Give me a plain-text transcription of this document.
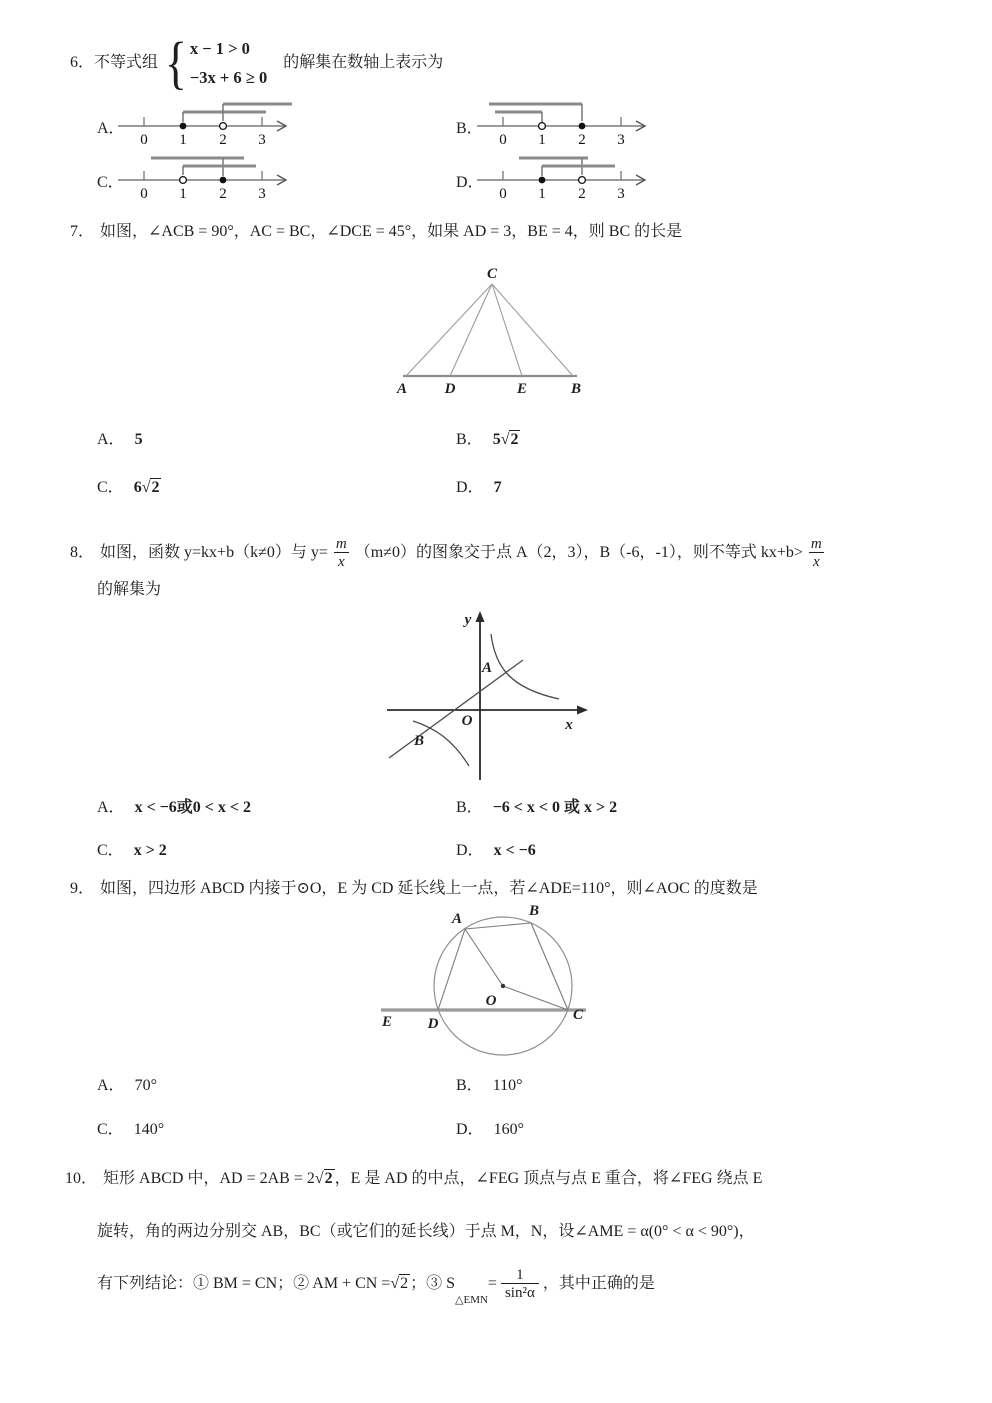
6． 不等式组 { x − 1 > 0
−3x + 6 ≥ 0
的解集在数轴上表示为
A．
0 1 2 3
B．
0 1 2 3
C．
0 1 2 3
D．
0 1 2 3
7． 如图，∠ACB = 90°，AC = BC，∠DCE = 45°，如果 AD = 3，BE = 4，则 BC 的长是
C
A	D	E	B
A． 5	B． 5√2
C． 6√2	D． 7
8． 如图，函数 y=kx+b（k≠0）与 $y= \frac{m}{x} (m\ne 0)$的图象交于点 A（2，3），B（-6，-1），则不等式 $kx+b> \frac{m}{x}$
的解集为
y
x
O
A
B
A． x < −6或0 < x < 2	B． −6 < x < 0 或 x > 2
C． x > 2	D． x < −6
9． 如图，四边形 ABCD 内接于⊙O，E 为 CD 延长线上一点，若∠ADE=110°，则∠AOC 的度数是
A	B
C
D
E
O
A． 70°	B． 110°
C． 140°	D． 160°
10． 矩形 ABCD 中，AD = 2AB = 2 √2 ，E 是 AD 的中点，∠FEG 顶点与点 E 重合，将∠FEG 绕点 E
旋转，角的两边分别交 AB，BC（或它们的延长线）于点 M，N，设∠AME = α(0° < α < 90°)，
有下列结论：① BM = CN；② AM + CN = √2 ；③ S
△EMN
= $\frac{1}{\text{sin²α}}$ ，其中正确的是
